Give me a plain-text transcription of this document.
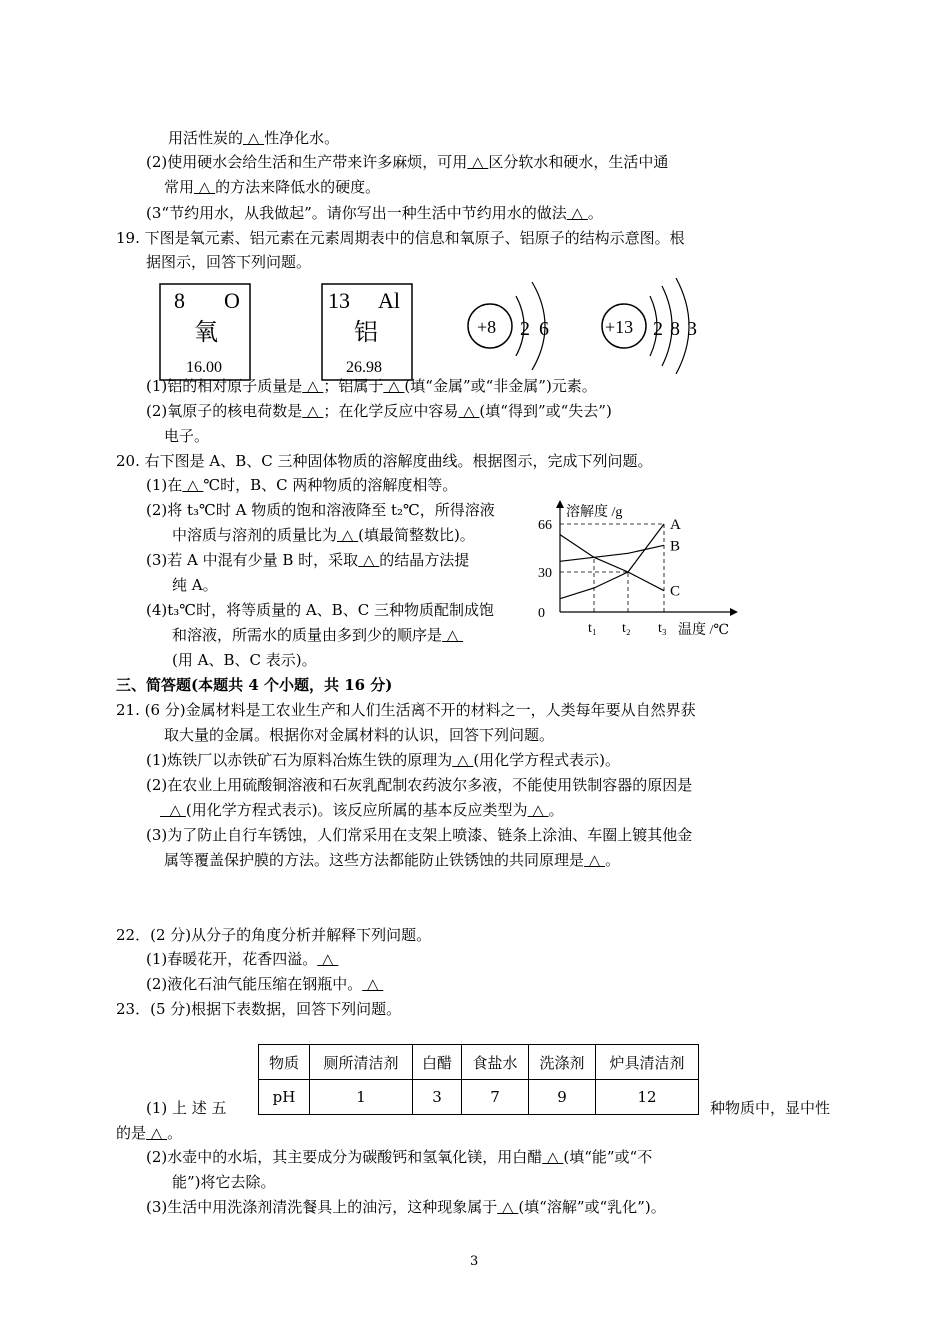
用活性炭的 △ 性净化水。
(2)使用硬水会给生活和生产带来许多麻烦，可用 △ 区分软水和硬水，生活中通
常用 △ 的方法来降低水的硬度。
(3“节约用水，从我做起”。请你写出一种生活中节约用水的做法 △ 。
19. 下图是氧元素、铝元素在元素周期表中的信息和氧原子、铝原子的结构示意图。根
据图示，回答下列问题。
8 O
氧
16.00
13 Al
铝
26.98
+8 2 6	+13 2 8 3
(1)铝的相对原子质量是 △ ；铝属于 △ (填“金属”或“非金属”)元素。
(2)氧原子的核电荷数是 △ ；在化学反应中容易 △ (填“得到”或“失去”)
电子。
20. 右下图是 A、B、C 三种固体物质的溶解度曲线。根据图示，完成下列问题。
(1)在 △ ℃时，B、C 两种物质的溶解度相等。
(2)将 t₃℃时 A 物质的饱和溶液降至 t₂℃，所得溶液
中溶质与溶剂的质量比为 △ (填最简整数比)。
(3)若 A 中混有少量 B 时，采取 △ 的结晶方法提
纯 A。
(4)t₃℃时，将等质量的 A、B、C 三种物质配制成饱
和溶液，所需水的质量由多到少的顺序是 △
(用 A、B、C 表示)。
溶解度 /g
温度 /℃
66
30
0
t₁ t₂ t₃
A
B
C
三、简答题(本题共 4 个小题，共 16 分)
21. (6 分)金属材料是工农业生产和人们生活离不开的材料之一，人类每年要从自然界获
取大量的金属。根据你对金属材料的认识，回答下列问题。
(1)炼铁厂以赤铁矿石为原料冶炼生铁的原理为 △ (用化学方程式表示)。
(2)在农业上用硫酸铜溶液和石灰乳配制农药波尔多液，不能使用铁制容器的原因是
△ (用化学方程式表示)。该反应所属的基本反应类型为 △ 。
(3)为了防止自行车锈蚀，人们常采用在支架上喷漆、链条上涂油、车圈上镀其他金
属等覆盖保护膜的方法。这些方法都能防止铁锈蚀的共同原理是 △ 。
22．(2 分)从分子的角度分析并解释下列问题。
(1)春暖花开，花香四溢。 △
(2)液化石油气能压缩在钢瓶中。 △
23．(5 分)根据下表数据，回答下列问题。
物质	厕所清洁剂	白醋	食盐水	洗涤剂	炉具清洁剂
pH	1	3	7	9	12
(1) 上 述 五	种物质中，显中性
的是 △ 。
(2)水壶中的水垢，其主要成分为碳酸钙和氢氧化镁，用白醋 △ (填“能”或“不
能”)将它去除。
(3)生活中用洗涤剂清洗餐具上的油污，这种现象属于 △ (填“溶解”或“乳化”)。
3
